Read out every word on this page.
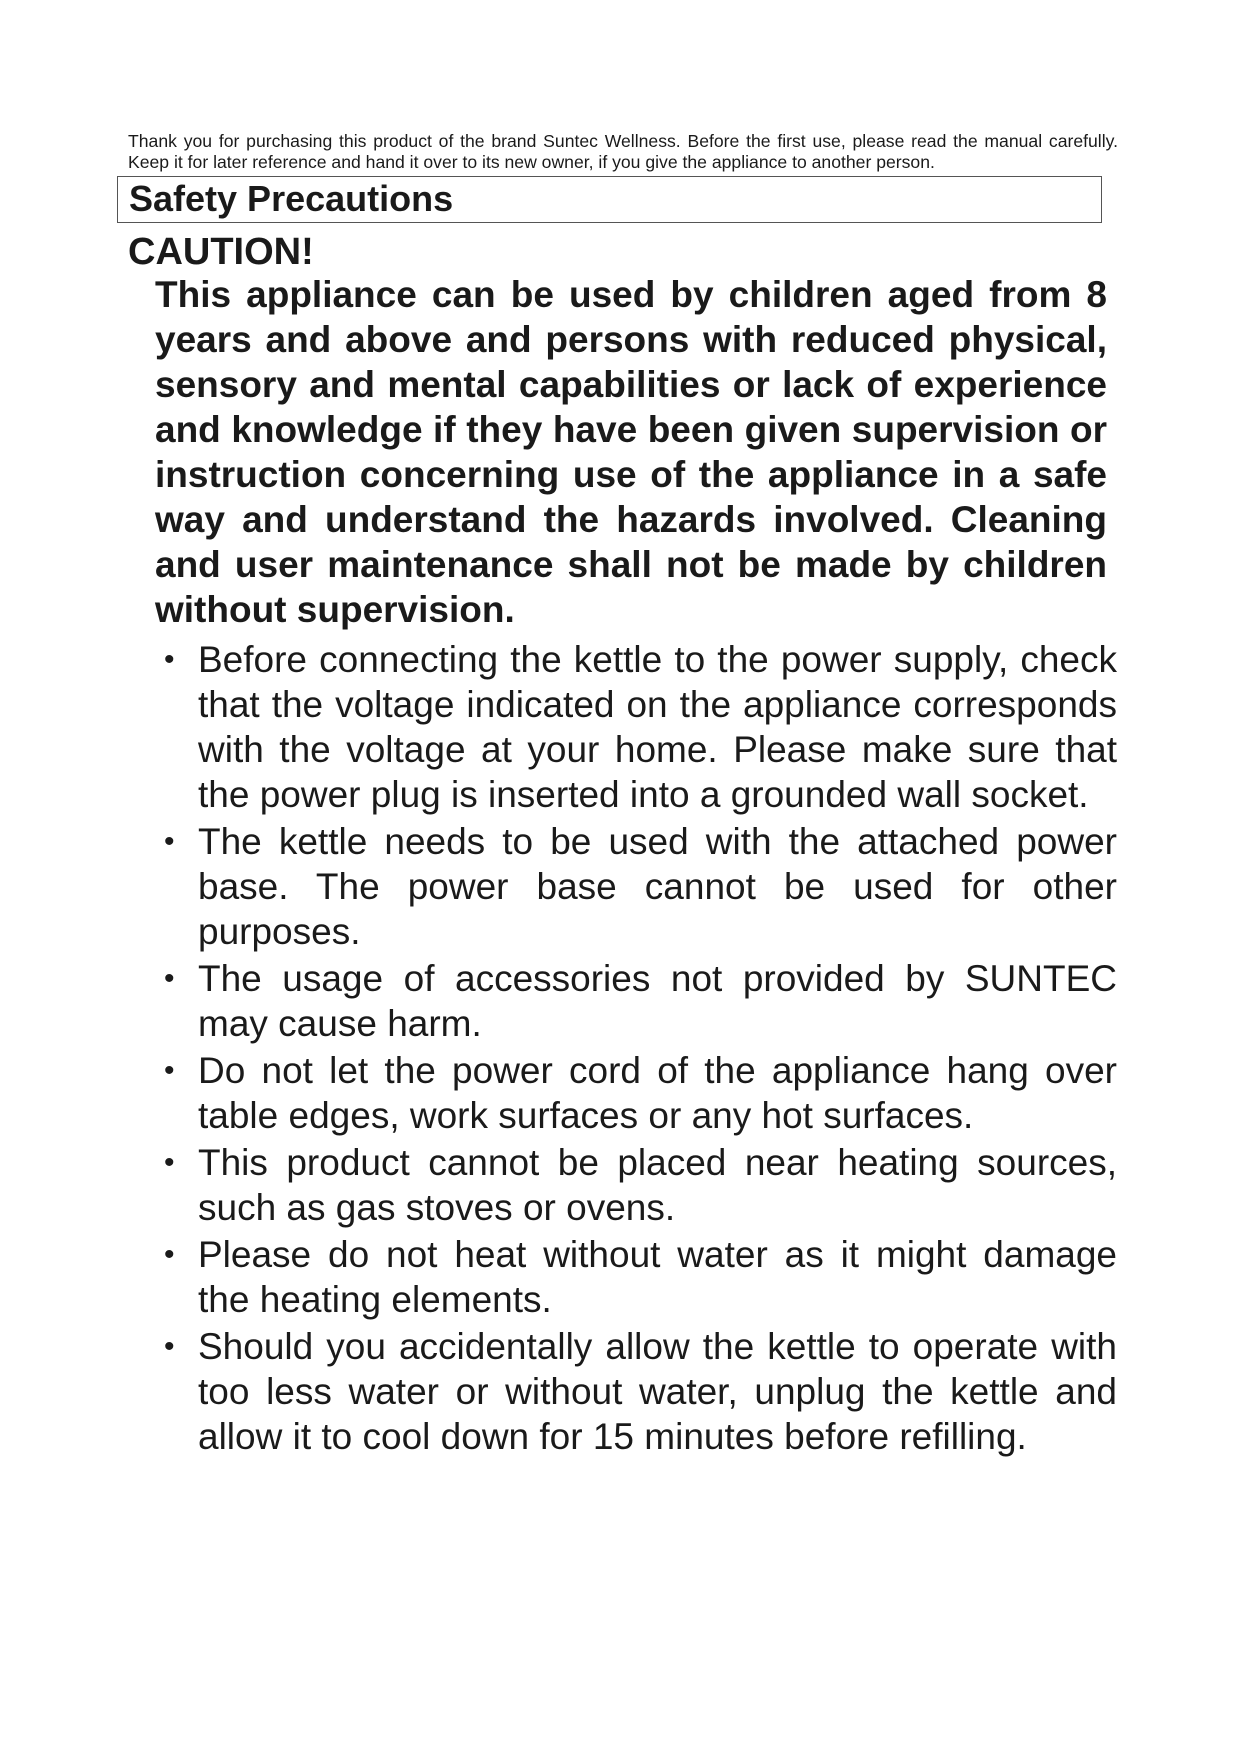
Thank you for purchasing this product of the brand Suntec Wellness. Before the first use, please read the manual carefully. Keep it for later reference and hand it over to its new owner, if you give the appliance to another person.

Safety Precautions
CAUTION!

This appliance can be used by children aged from 8 years and above and persons with reduced physical, sensory and mental capabilities or lack of experience and knowledge if they have been given supervision or instruction concerning use of the appliance in a safe way and understand the hazards involved. Cleaning and user maintenance shall not be made by children without supervision.

• Before connecting the kettle to the power supply, check that the voltage indicated on the appliance corresponds with the voltage at your home. Please make sure that the power plug is inserted into a grounded wall socket.
• The kettle needs to be used with the attached power base. The power base cannot be used for other purposes.
• The usage of accessories not provided by SUNTEC may cause harm.
• Do not let the power cord of the appliance hang over table edges, work surfaces or any hot surfaces.
• This product cannot be placed near heating sources, such as gas stoves or ovens.
• Please do not heat without water as it might damage the heating elements.
• Should you accidentally allow the kettle to operate with too less water or without water, unplug the kettle and allow it to cool down for 15 minutes before refilling.
